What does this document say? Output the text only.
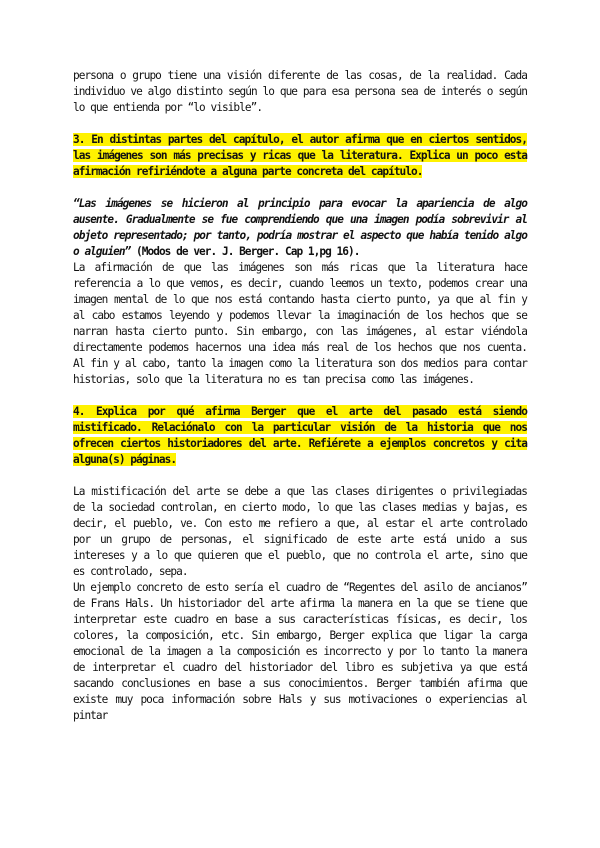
persona o grupo tiene una visión diferente de las cosas, de la realidad. Cada individuo ve algo distinto según lo que para esa persona sea de interés o según lo que entienda por “lo visible”.

3. En distintas partes del capítulo, el autor afirma que en ciertos sentidos, las imágenes son más precisas y ricas que la literatura. Explica un poco esta afirmación refiriéndote a alguna parte concreta del capítulo.

“Las imágenes se hicieron al principio para evocar la apariencia de algo ausente. Gradualmente se fue comprendiendo que una imagen podía sobrevivir al objeto representado; por tanto, podría mostrar el aspecto que había tenido algo o alguien” (Modos de ver. J. Berger. Cap 1,pg 16).

La afirmación de que las imágenes son más ricas que la literatura hace referencia a lo que vemos, es decir, cuando leemos un texto, podemos crear una imagen mental de lo que nos está contando hasta cierto punto, ya que al fin y al cabo estamos leyendo y podemos llevar la imaginación de los hechos que se narran hasta cierto punto. Sin embargo, con las imágenes, al estar viéndola directamente podemos hacernos una idea más real de los hechos que nos cuenta. Al fin y al cabo, tanto la imagen como la literatura son dos medios para contar historias, solo que la literatura no es tan precisa como las imágenes.

4. Explica por qué afirma Berger que el arte del pasado está siendo mistificado. Relaciónalo con la particular visión de la historia que nos ofrecen ciertos historiadores del arte. Refiérete a ejemplos concretos y cita alguna(s) páginas.

La mistificación del arte se debe a que las clases dirigentes o privilegiadas de la sociedad controlan, en cierto modo, lo que las clases medias y bajas, es decir, el pueblo, ve. Con esto me refiero a que, al estar el arte controlado por un grupo de personas, el significado de este arte está unido a sus intereses y a lo que quieren que el pueblo, que no controla el arte, sino que es controlado, sepa.

Un ejemplo concreto de esto sería el cuadro de “Regentes del asilo de ancianos” de Frans Hals. Un historiador del arte afirma la manera en la que se tiene que interpretar este cuadro en base a sus características físicas, es decir, los colores, la composición, etc. Sin embargo, Berger explica que ligar la carga emocional de la imagen a la composición es incorrecto y por lo tanto la manera de interpretar el cuadro del historiador del libro es subjetiva ya que está sacando conclusiones en base a sus conocimientos. Berger también afirma que existe muy poca información sobre Hals y sus motivaciones o experiencias al pintar
